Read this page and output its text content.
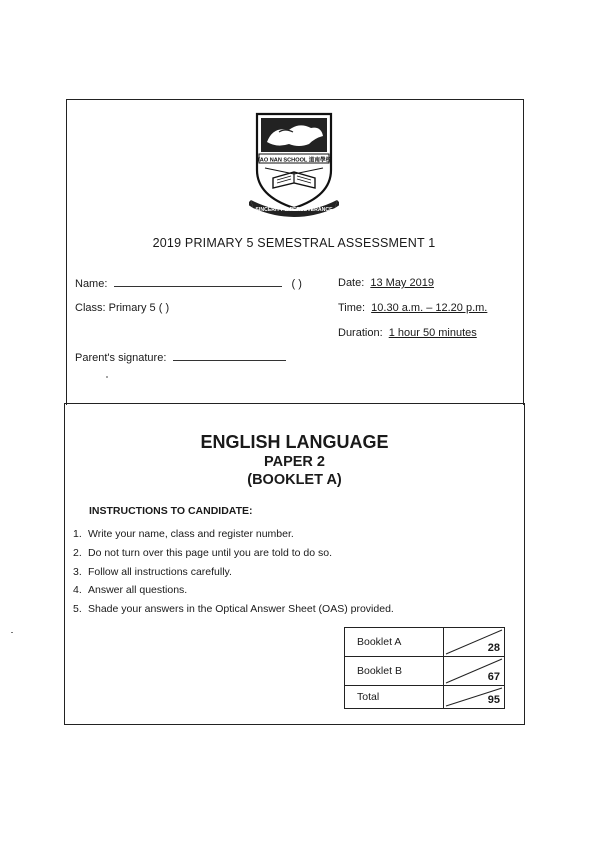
TAO NAN SCHOOL 道南學校
SINCERITY & PERSEVERANCE
2019 PRIMARY 5 SEMESTRAL ASSESSMENT 1
Name:	( )
Class: Primary 5 ( )
Parent's signature:
Date: 13 May 2019
Time: 10.30 a.m. – 12.20 p.m.
Duration: 1 hour 50 minutes
ENGLISH LANGUAGE
PAPER 2
(BOOKLET A)
INSTRUCTIONS TO CANDIDATE:
1. Write your name, class and register number.
2. Do not turn over this page until you are told to do so.
3. Follow all instructions carefully.
4. Answer all questions.
5. Shade your answers in the Optical Answer Sheet (OAS) provided.
Booklet A	28

Booklet B	67

Total	95
